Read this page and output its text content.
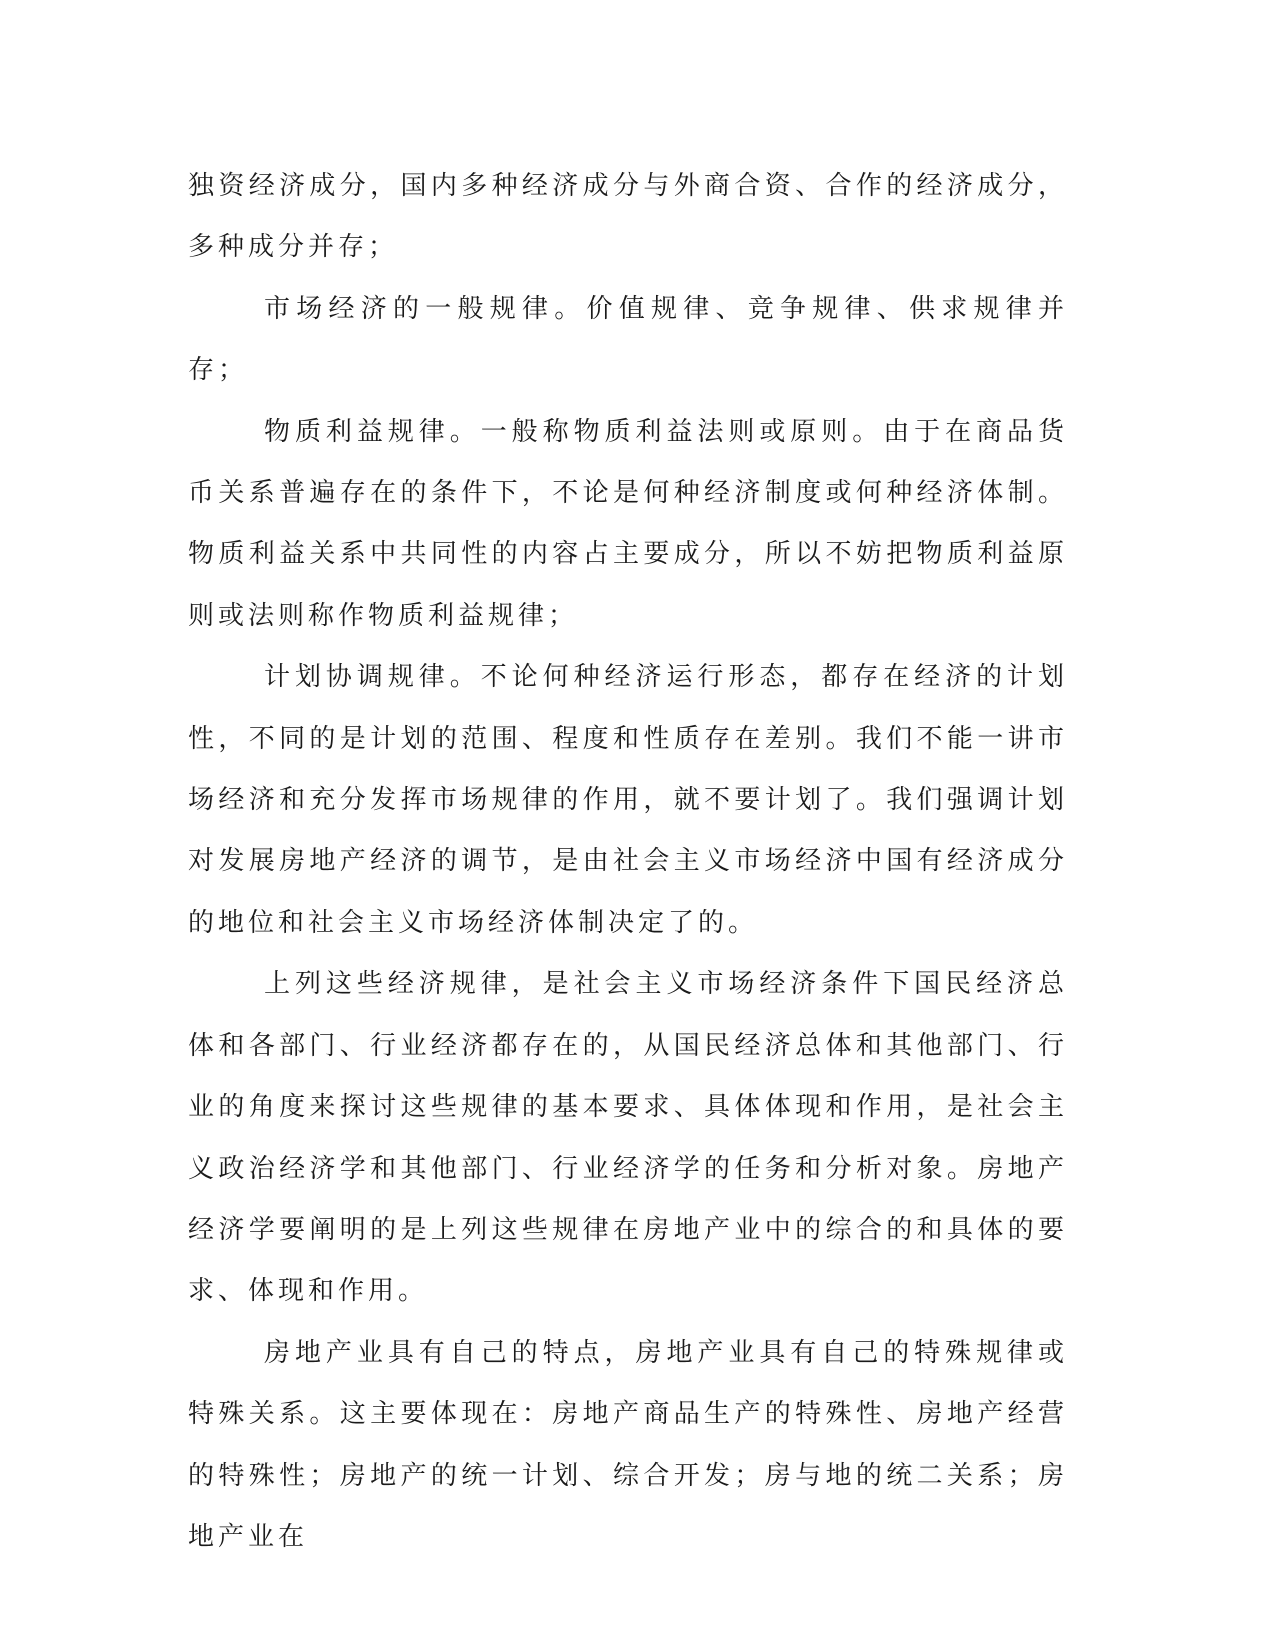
独资经济成分，国内多种经济成分与外商合资、合作的经济成分，多种成分并存；

市场经济的一般规律。价值规律、竞争规律、供求规律并存；

物质利益规律。一般称物质利益法则或原则。由于在商品货币关系普遍存在的条件下，不论是何种经济制度或何种经济体制。物质利益关系中共同性的内容占主要成分，所以不妨把物质利益原则或法则称作物质利益规律；

计划协调规律。不论何种经济运行形态，都存在经济的计划性，不同的是计划的范围、程度和性质存在差别。我们不能一讲市场经济和充分发挥市场规律的作用，就不要计划了。我们强调计划对发展房地产经济的调节，是由社会主义市场经济中国有经济成分的地位和社会主义市场经济体制决定了的。

上列这些经济规律，是社会主义市场经济条件下国民经济总体和各部门、行业经济都存在的，从国民经济总体和其他部门、行业的角度来探讨这些规律的基本要求、具体体现和作用，是社会主义政治经济学和其他部门、行业经济学的任务和分析对象。房地产经济学要阐明的是上列这些规律在房地产业中的综合的和具体的要求、体现和作用。

房地产业具有自己的特点，房地产业具有自己的特殊规律或特殊关系。这主要体现在：房地产商品生产的特殊性、房地产经营的特殊性；房地产的统一计划、综合开发；房与地的统二关系；房地产业在
